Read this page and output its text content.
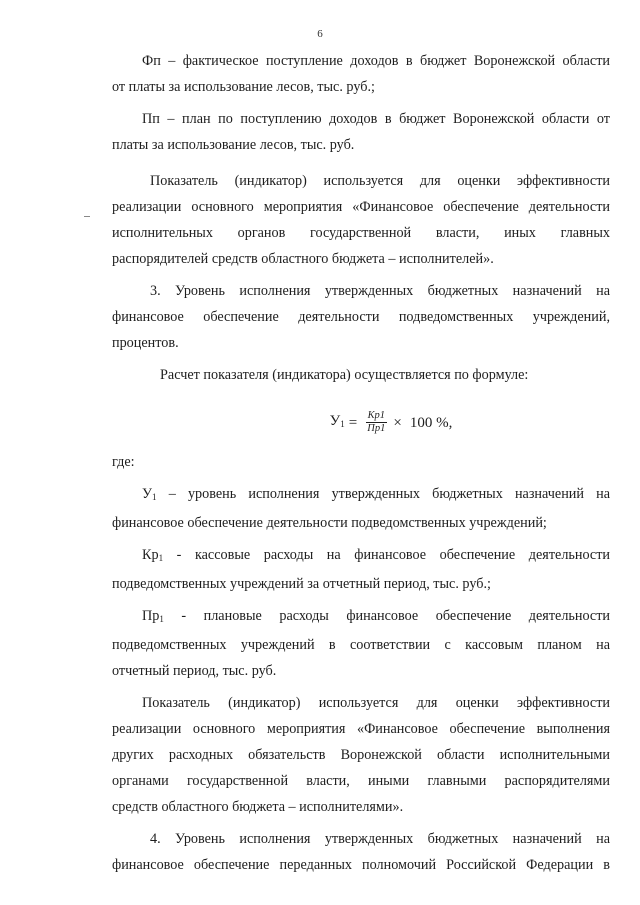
6

Фп – фактическое поступление доходов в бюджет Воронежской области

от платы за использование лесов, тыс. руб.;

Пп – план по поступлению доходов в бюджет Воронежской области от

платы за использование лесов, тыс. руб.

Показатель (индикатор) используется для оценки эффективности

реализации основного мероприятия «Финансовое обеспечение деятельности

исполнительных органов государственной власти, иных главных

распорядителей средств областного бюджета – исполнителей».

3. Уровень исполнения утвержденных бюджетных назначений на

финансовое обеспечение деятельности подведомственных учреждений,

процентов.

Расчет показателя (индикатора) осуществляется по формуле:

$У_1 = \frac{Кр1}{Пр1} \times 100$ %,

где:

$У_1$ – уровень исполнения утвержденных бюджетных назначений на

финансовое обеспечение деятельности подведомственных учреждений;

$Кр_1$ - кассовые расходы на финансовое обеспечение деятельности

подведомственных учреждений за отчетный период, тыс. руб.;

$Пр_1$ - плановые расходы финансовое обеспечение деятельности

подведомственных учреждений в соответствии с кассовым планом на

отчетный период, тыс. руб.

Показатель (индикатор) используется для оценки эффективности

реализации основного мероприятия «Финансовое обеспечение выполнения

других расходных обязательств Воронежской области исполнительными

органами государственной власти, иными главными распорядителями

средств областного бюджета – исполнителями».

4. Уровень исполнения утвержденных бюджетных назначений на

финансовое обеспечение переданных полномочий Российской Федерации в
